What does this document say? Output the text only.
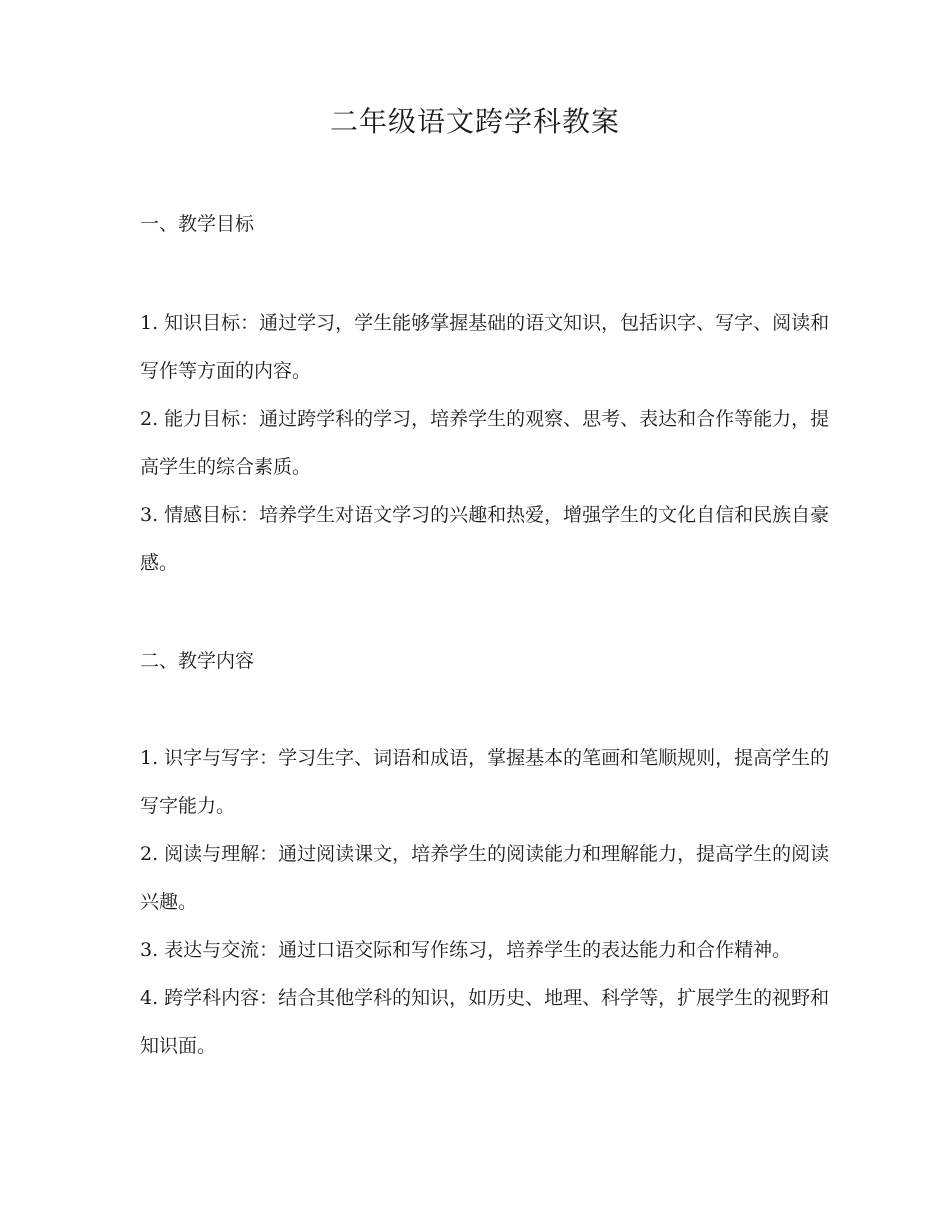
二年级语文跨学科教案
一、教学目标

1. 知识目标：通过学习，学生能够掌握基础的语文知识，包括识字、写字、阅读和写作等方面的内容。

2. 能力目标：通过跨学科的学习，培养学生的观察、思考、表达和合作等能力，提高学生的综合素质。

3. 情感目标：培养学生对语文学习的兴趣和热爱，增强学生的文化自信和民族自豪感。

二、教学内容

1. 识字与写字：学习生字、词语和成语，掌握基本的笔画和笔顺规则，提高学生的写字能力。

2. 阅读与理解：通过阅读课文，培养学生的阅读能力和理解能力，提高学生的阅读兴趣。

3. 表达与交流：通过口语交际和写作练习，培养学生的表达能力和合作精神。

4. 跨学科内容：结合其他学科的知识，如历史、地理、科学等，扩展学生的视野和知识面。
